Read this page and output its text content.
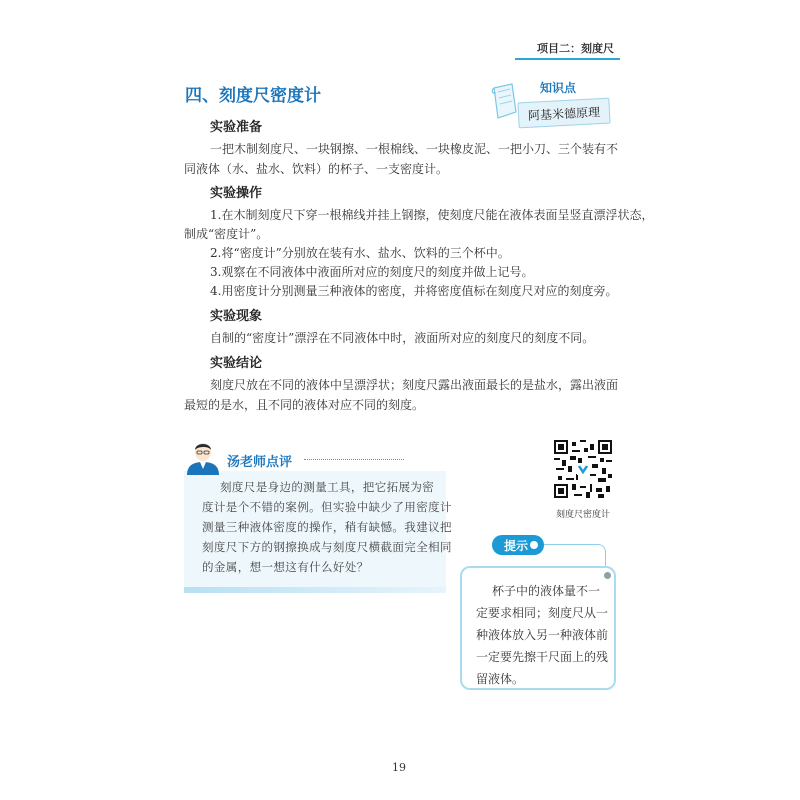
项目二：刻度尺
四、刻度尺密度计	知识点
阿基米德原理
实验准备
一把木制刻度尺、一块钢擦、一根棉线、一块橡皮泥、一把小刀、三个装有不
同液体（水、盐水、饮料）的杯子、一支密度计。
实验操作
1.在木制刻度尺下穿一根棉线并挂上钢擦，使刻度尺能在液体表面呈竖直漂浮状态，
制成“密度计”。
2.将“密度计”分别放在装有水、盐水、饮料的三个杯中。
3.观察在不同液体中液面所对应的刻度尺的刻度并做上记号。
4.用密度计分别测量三种液体的密度，并将密度值标在刻度尺对应的刻度旁。
实验现象
自制的“密度计”漂浮在不同液体中时，液面所对应的刻度尺的刻度不同。
实验结论
刻度尺放在不同的液体中呈漂浮状；刻度尺露出液面最长的是盐水，露出液面
最短的是水，且不同的液体对应不同的刻度。
刻度尺是身边的测量工具，把它拓展为密
度计是个不错的案例。但实验中缺少了用密度计
测量三种液体密度的操作，稍有缺憾。我建议把
刻度尺下方的钢擦换成与刻度尺横截面完全相同
的金属，想一想这有什么好处？
汤老师点评
刻度尺密度计
提示
杯子中的液体量不一
定要求相同；刻度尺从一
种液体放入另一种液体前
一定要先擦干尺面上的残
留液体。
19
